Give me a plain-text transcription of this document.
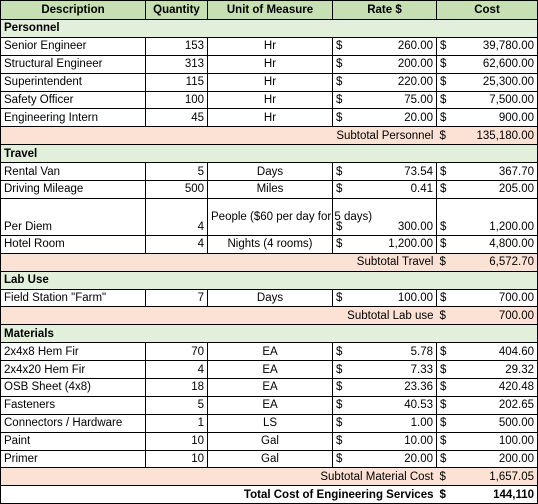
Description	Quantity	Unit of Measure	Rate $		Cost	
Personnel						
Senior Engineer	153	Hr	$	260.00	$	39,780.00
Structural Engineer	313	Hr	$	200.00	$	62,600.00
Superintendent	115	Hr	$	220.00	$	25,300.00
Safety Officer	100	Hr	$	75.00	$	7,500.00
Engineering Intern	45	Hr	$	20.00	$	900.00
Subtotal Personnel					$	135,180.00
Travel						
Rental Van	5	Days	$	73.54	$	367.70
Driving Mileage	500	Miles	$	0.41	$	205.00
Per Diem	4	People ($60 per day for 5 days)	$	300.00	$	1,200.00
Hotel Room	4	Nights (4 rooms)	$	1,200.00	$	4,800.00
Subtotal Travel					$	6,572.70
Lab Use						
Field Station "Farm"	7	Days	$	100.00	$	700.00
Subtotal Lab use					$	700.00
Materials						
2x4x8 Hem Fir	70	EA	$	5.78	$	404.60
2x4x20 Hem Fir	4	EA	$	7.33	$	29.32
OSB Sheet (4x8)	18	EA	$	23.36	$	420.48
Fasteners	5	EA	$	40.53	$	202.65
Connectors / Hardware	1	LS	$	1.00	$	500.00
Paint	10	Gal	$	10.00	$	100.00
Primer	10	Gal	$	20.00	$	200.00
Subtotal Material Cost					$	1,657.05
Total Cost of Engineering Services					$	144,110
